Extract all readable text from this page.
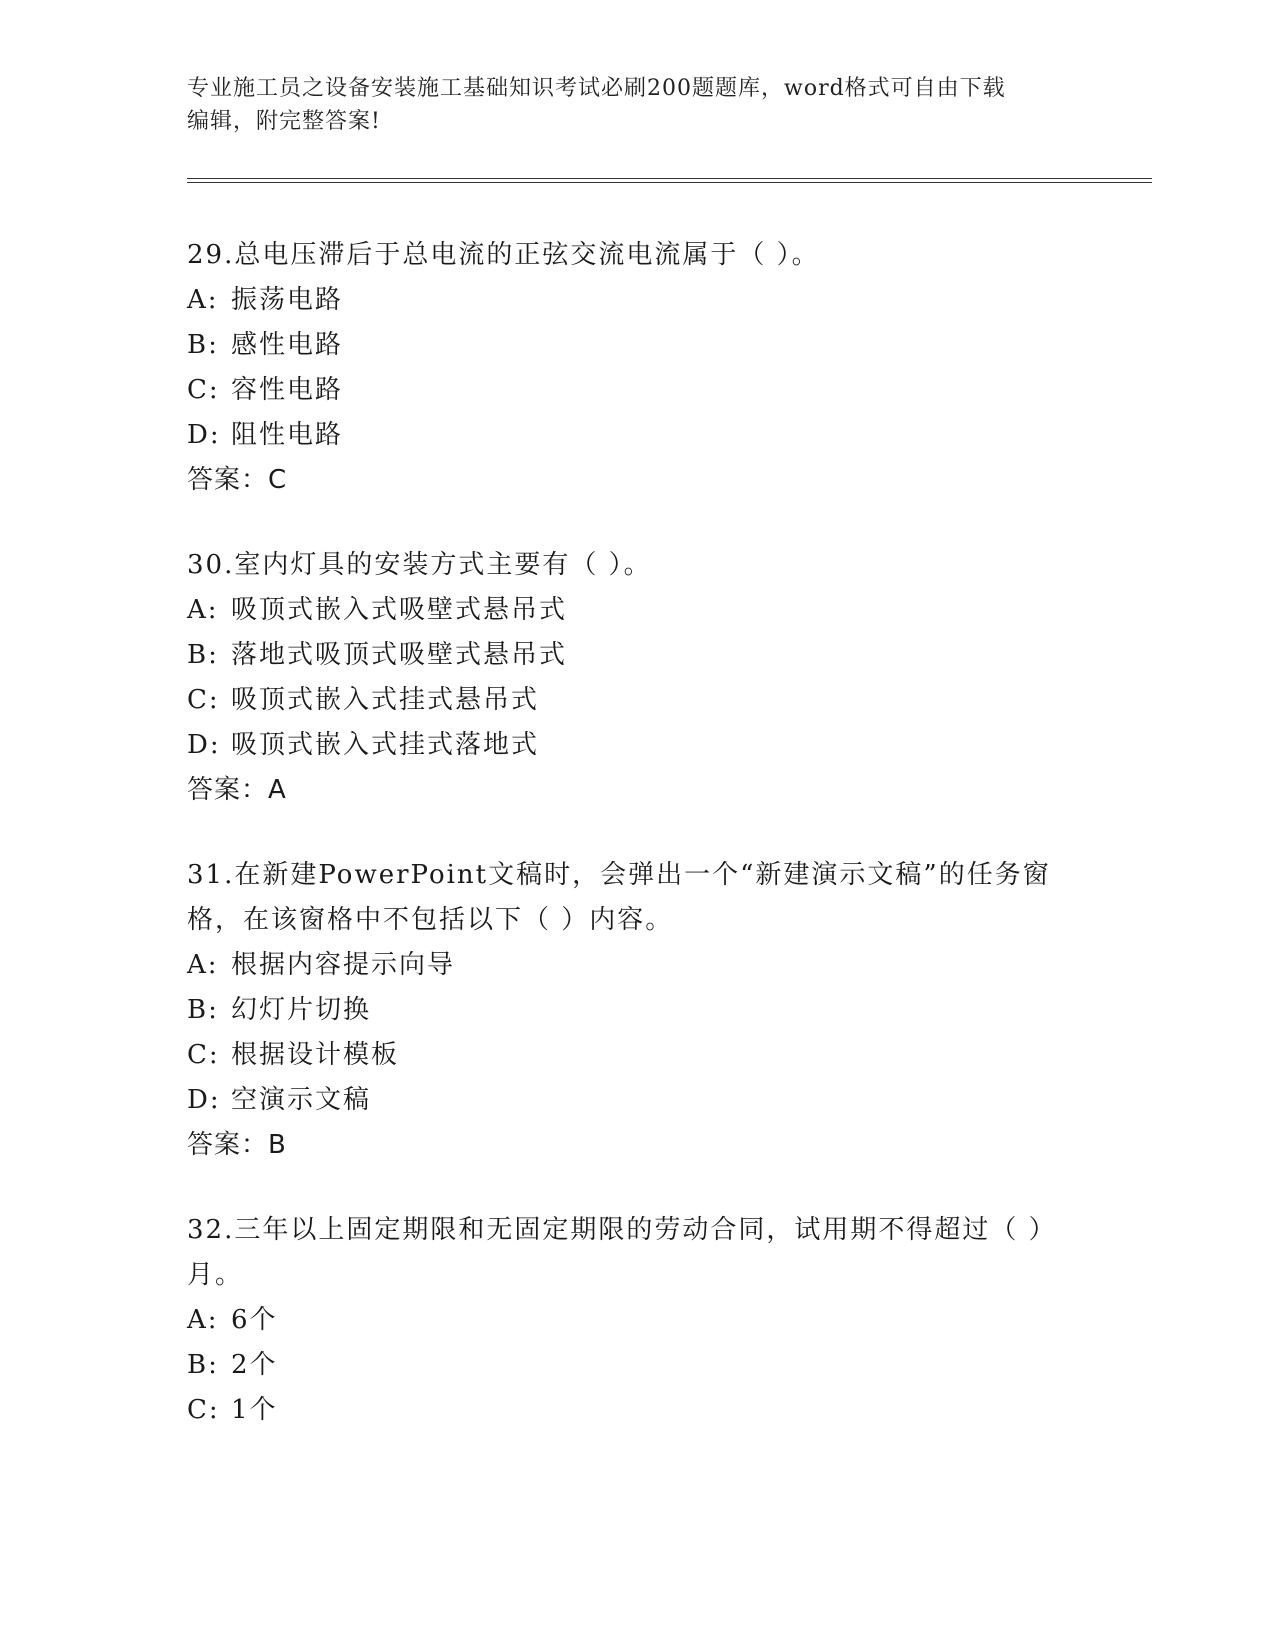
专业施工员之设备安装施工基础知识考试必刷200题题库，word格式可自由下载
编辑，附完整答案!
29.总电压滞后于总电流的正弦交流电流属于（ ）。
A: 振荡电路
B: 感性电路
C: 容性电路
D: 阻性电路
答案：C
30.室内灯具的安装方式主要有（ ）。
A: 吸顶式嵌入式吸壁式悬吊式
B: 落地式吸顶式吸壁式悬吊式
C: 吸顶式嵌入式挂式悬吊式
D: 吸顶式嵌入式挂式落地式
答案：A
31.在新建PowerPoint文稿时，会弹出一个“新建演示文稿”的任务窗格，在该窗格中不包括以下（ ）内容。
A: 根据内容提示向导
B: 幻灯片切换
C: 根据设计模板
D: 空演示文稿
答案：B
32.三年以上固定期限和无固定期限的劳动合同，试用期不得超过（ ）月。
A: 6个
B: 2个
C: 1个
